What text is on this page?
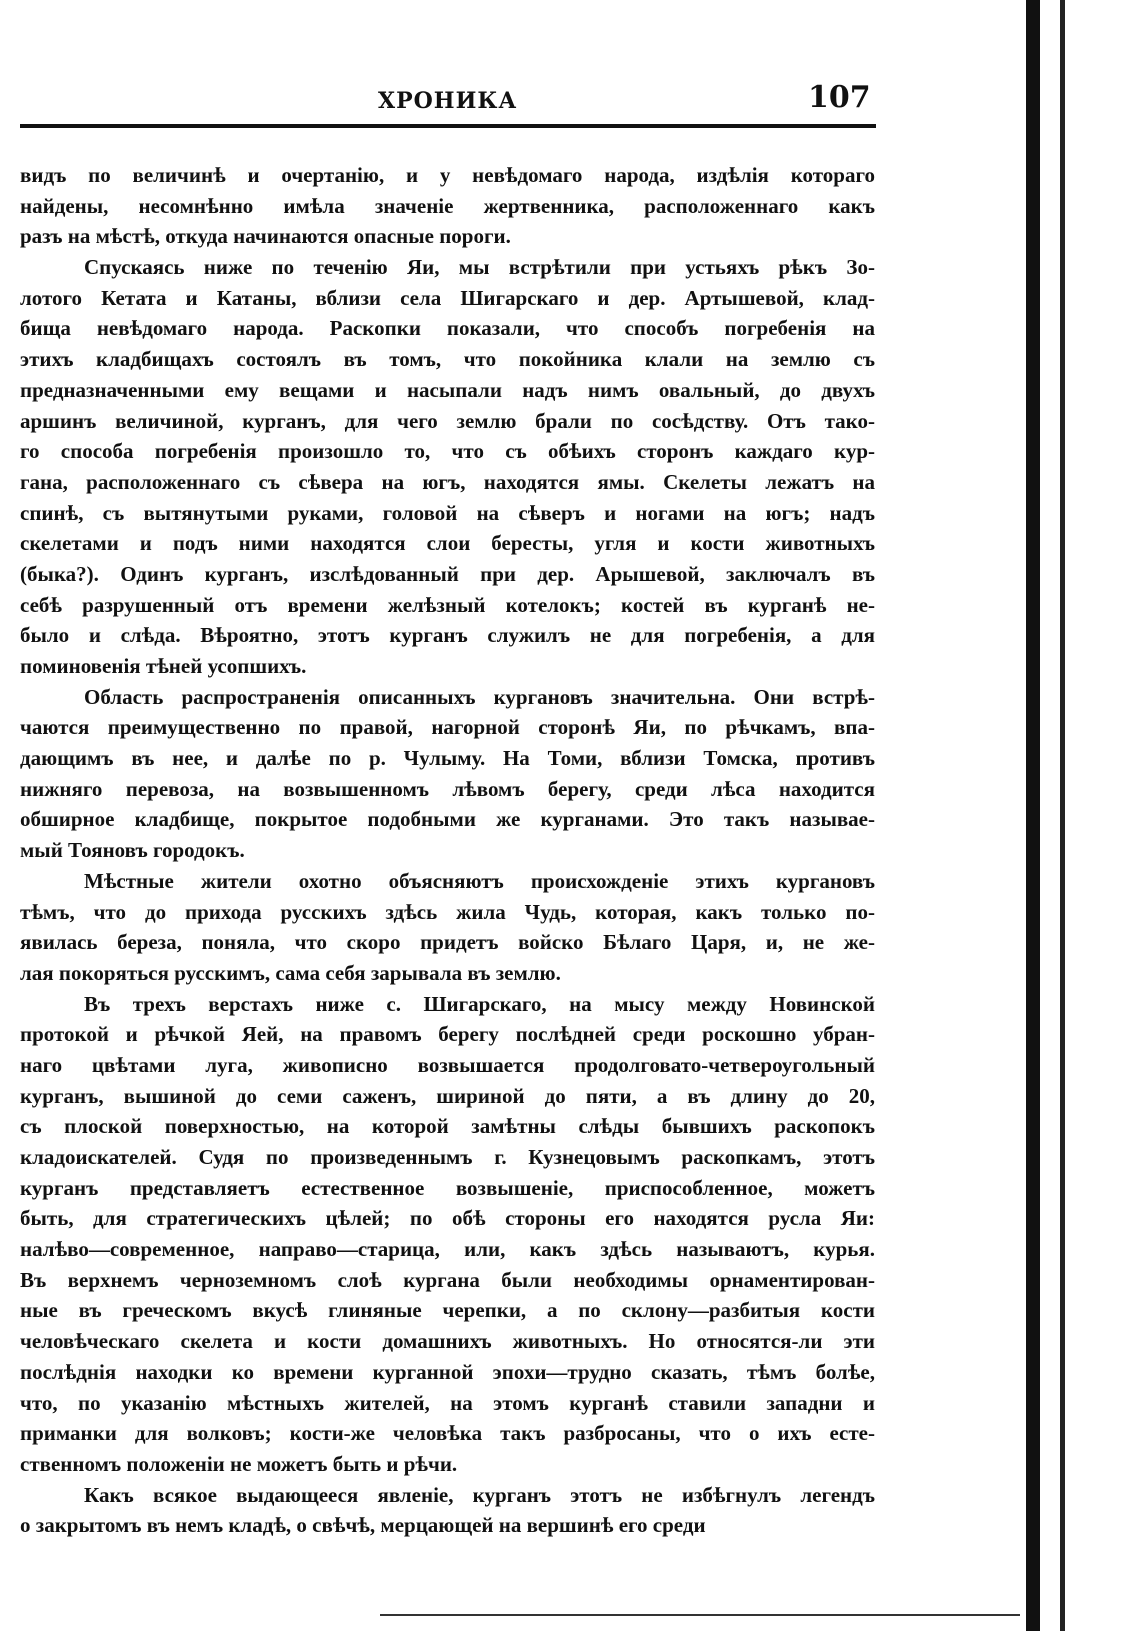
ХРОНИКА	107
видъ по величинѣ и очертанію, и у невѣдомаго народа, издѣлія котораго
найдены, несомнѣнно имѣла значеніе жертвенника, расположеннаго какъ
разъ на мѣстѣ, откуда начинаются опасные пороги.
Спускаясь ниже по теченію Яи, мы встрѣтили при устьяхъ рѣкъ Зо-
лотого Кетата и Катаны, вблизи села Шигарскаго и дер. Артышевой, клад-
бища невѣдомаго народа. Раскопки показали, что способъ погребенія на
этихъ кладбищахъ состоялъ въ томъ, что покойника клали на землю съ
предназначенными ему вещами и насыпали надъ нимъ овальный, до двухъ
аршинъ величиной, курганъ, для чего землю брали по сосѣдству. Отъ тако-
го способа погребенія произошло то, что съ обѣихъ сторонъ каждаго кур-
гана, расположеннаго съ сѣвера на югъ, находятся ямы. Скелеты лежатъ на
спинѣ, съ вытянутыми руками, головой на сѣверъ и ногами на югъ; надъ
скелетами и подъ ними находятся слои бересты, угля и кости животныхъ
(быка?). Одинъ курганъ, изслѣдованный при дер. Арышевой, заключалъ въ
себѣ разрушенный отъ времени желѣзный котелокъ; костей въ курганѣ не-
было и слѣда. Вѣроятно, этотъ курганъ служилъ не для погребенія, а для
поминовенія тѣней усопшихъ.
Область распространенія описанныхъ кургановъ значительна. Они встрѣ-
чаются преимущественно по правой, нагорной сторонѣ Яи, по рѣчкамъ, впа-
дающимъ въ нее, и далѣе по р. Чулыму. На Томи, вблизи Томска, противъ
нижняго перевоза, на возвышенномъ лѣвомъ берегу, среди лѣса находится
обширное кладбище, покрытое подобными же курганами. Это такъ называе-
мый Тояновъ городокъ.
Мѣстные жители охотно объясняютъ происхожденіе этихъ кургановъ
тѣмъ, что до прихода русскихъ здѣсь жила Чудь, которая, какъ только по-
явилась береза, поняла, что скоро придетъ войско Бѣлаго Царя, и, не же-
лая покоряться русскимъ, сама себя зарывала въ землю.
Въ трехъ верстахъ ниже с. Шигарскаго, на мысу между Новинской
протокой и рѣчкой Яей, на правомъ берегу послѣдней среди роскошно убран-
наго цвѣтами луга, живописно возвышается продолговато-четвероугольный
курганъ, вышиной до семи саженъ, шириной до пяти, а въ длину до 20,
съ плоской поверхностью, на которой замѣтны слѣды бывшихъ раскопокъ
кладоискателей. Судя по произведеннымъ г. Кузнецовымъ раскопкамъ, этотъ
курганъ представляетъ естественное возвышеніе, приспособленное, можетъ
быть, для стратегическихъ цѣлей; по обѣ стороны его находятся русла Яи:
налѣво—современное, направо—старица, или, какъ здѣсь называютъ, курья.
Въ верхнемъ черноземномъ слоѣ кургана были необходимы орнаментирован-
ные въ греческомъ вкусѣ глиняные черепки, а по склону—разбитыя кости
человѣческаго скелета и кости домашнихъ животныхъ. Но относятся-ли эти
послѣднія находки ко времени курганной эпохи—трудно сказать, тѣмъ болѣе,
что, по указанію мѣстныхъ жителей, на этомъ курганѣ ставили западни и
приманки для волковъ; кости-же человѣка такъ разбросаны, что о ихъ есте-
ственномъ положеніи не можетъ быть и рѣчи.
Какъ всякое выдающееся явленіе, курганъ этотъ не избѣгнулъ легендъ
о закрытомъ въ немъ кладѣ, о свѣчѣ, мерцающей на вершинѣ его среди
